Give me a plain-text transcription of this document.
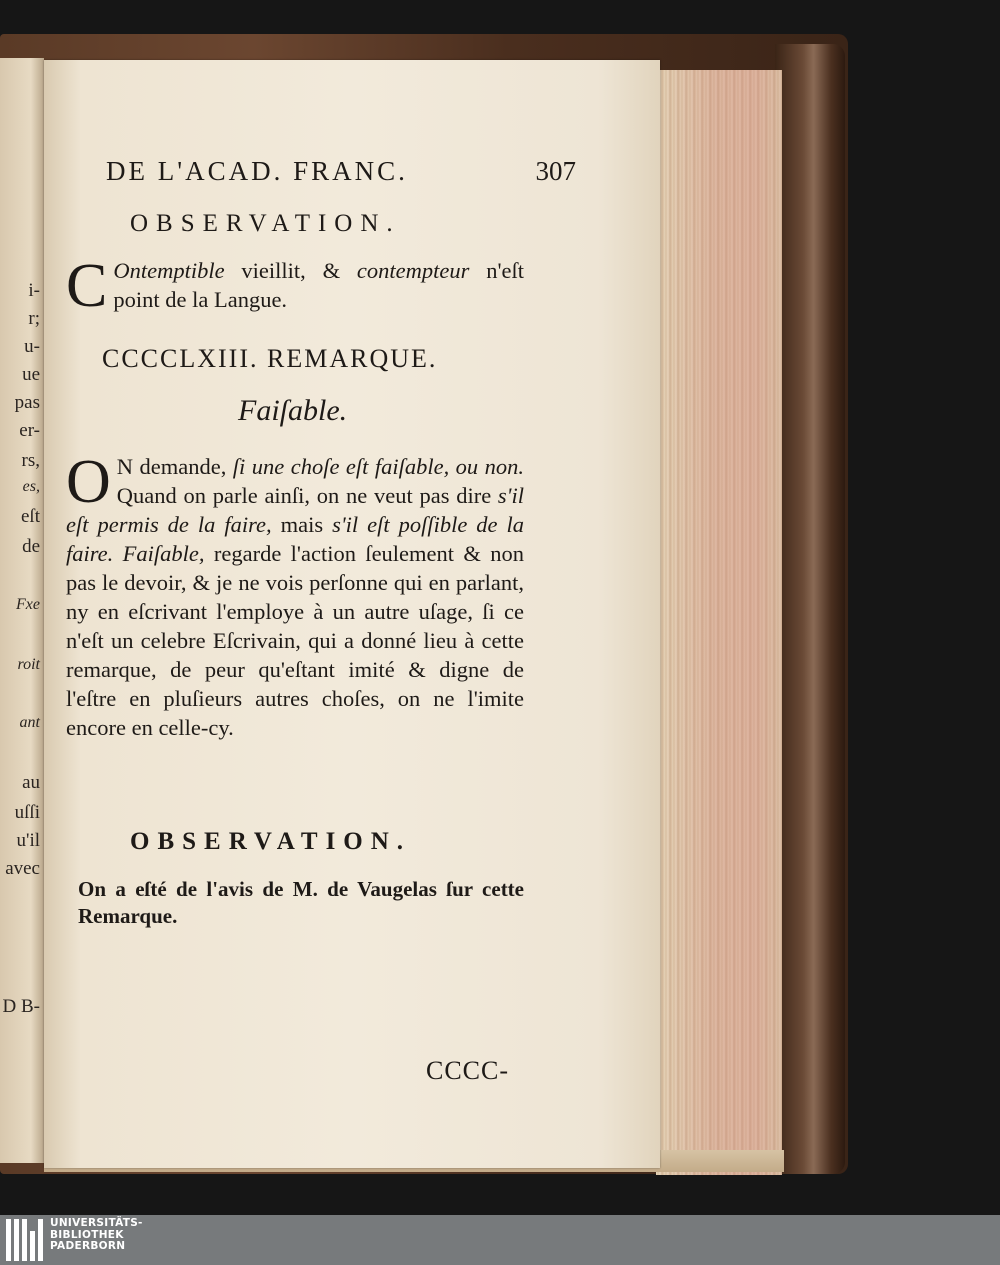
i-
r;
u-
ue
pas
er-
rs,
es,
eſt
de
Fxe
roit
ant
au
uſſi
u'il
avec
D B-
DE L'ACAD. FRANC.	307
OBSERVATION.
C Ontemptible vieillit, & contempteur n'eſt point de la Langue.
CCCCLXIII. REMARQUE.
Faiſable.
O N demande, ſi une choſe eſt faiſable, ou non. Quand on parle ainſi, on ne veut pas dire s'il eſt permis de la faire, mais s'il eſt poſſible de la faire. Faiſable, regarde l'action ſeulement & non pas le devoir, & je ne vois perſonne qui en parlant, ny en eſcrivant l'employe à un autre uſage, ſi ce n'eſt un celebre Eſcrivain, qui a donné lieu à cette remarque, de peur qu'eſtant imité & digne de l'eſtre en pluſieurs autres choſes, on ne l'imite encore en celle-cy.
OBSERVATION.
On a eſté de l'avis de M. de Vaugelas ſur cette Remarque.
CCCC-
UNIVERSITÄTS-
BIBLIOTHEK
PADERBORN
